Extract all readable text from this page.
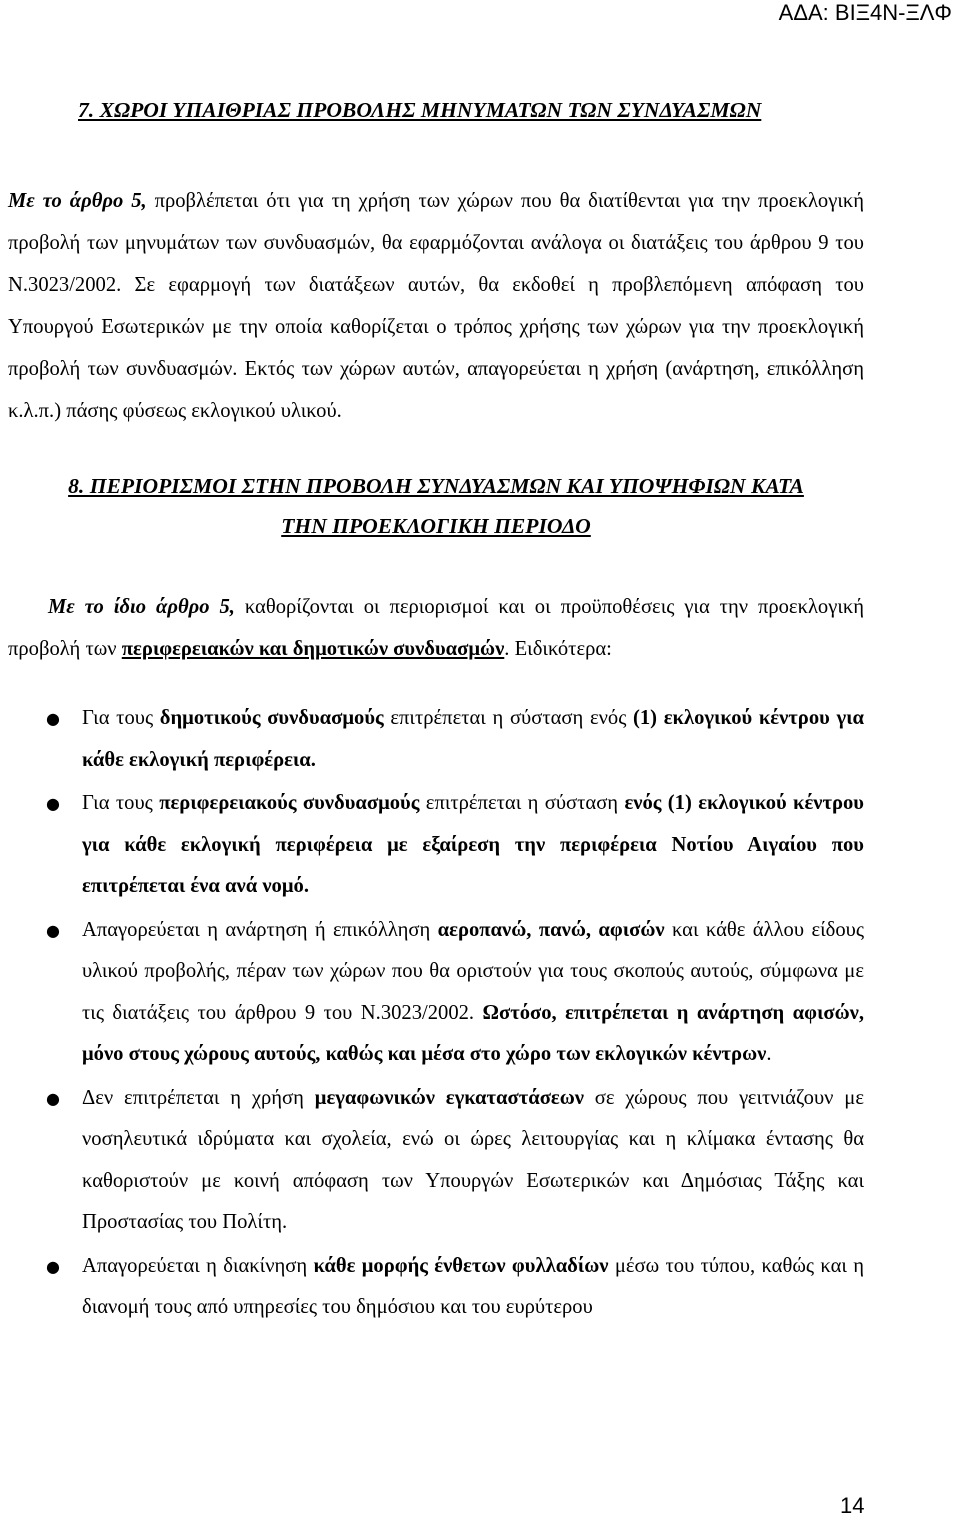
ΑΔΑ: ΒΙΞ4Ν-ΞΛΦ
7. ΧΩΡΟΙ ΥΠΑΙΘΡΙΑΣ ΠΡΟΒΟΛΗΣ ΜΗΝΥΜΑΤΩΝ ΤΩΝ ΣΥΝΔΥΑΣΜΩΝ

Με το άρθρο 5, προβλέπεται ότι για τη χρήση των χώρων που θα διατίθενται για την προεκλογική προβολή των μηνυμάτων των συνδυασμών, θα εφαρμόζονται ανάλογα οι διατάξεις του άρθρου 9 του Ν.3023/2002. Σε εφαρμογή των διατάξεων αυτών, θα εκδοθεί η προβλεπόμενη απόφαση του Υπουργού Εσωτερικών με την οποία καθορίζεται ο τρόπος χρήσης των χώρων για την προεκλογική προβολή των συνδυασμών. Εκτός των χώρων αυτών, απαγορεύεται η χρήση (ανάρτηση, επικόλληση κ.λ.π.) πάσης φύσεως εκλογικού υλικού.

8. ΠΕΡΙΟΡΙΣΜΟΙ ΣΤΗΝ ΠΡΟΒΟΛΗ ΣΥΝΔΥΑΣΜΩΝ ΚΑΙ ΥΠΟΨΗΦΙΩΝ ΚΑΤΑ
ΤΗΝ ΠΡΟΕΚΛΟΓΙΚΗ ΠΕΡΙΟΔΟ

Με το ίδιο άρθρο 5, καθορίζονται οι περιορισμοί και οι προϋποθέσεις για την προεκλογική προβολή των περιφερειακών και δημοτικών συνδυασμών. Ειδικότερα:

● Για τους δημοτικούς συνδυασμούς επιτρέπεται η σύσταση ενός (1) εκλογικού κέντρου για κάθε εκλογική περιφέρεια.
● Για τους περιφερειακούς συνδυασμούς επιτρέπεται η σύσταση ενός (1) εκλογικού κέντρου για κάθε εκλογική περιφέρεια με εξαίρεση την περιφέρεια Νοτίου Αιγαίου που επιτρέπεται ένα ανά νομό.
● Απαγορεύεται η ανάρτηση ή επικόλληση αεροπανώ, πανώ, αφισών και κάθε άλλου είδους υλικού προβολής, πέραν των χώρων που θα οριστούν για τους σκοπούς αυτούς, σύμφωνα με τις διατάξεις του άρθρου 9 του Ν.3023/2002. Ωστόσο, επιτρέπεται η ανάρτηση αφισών, μόνο στους χώρους αυτούς, καθώς και μέσα στο χώρο των εκλογικών κέντρων.
● Δεν επιτρέπεται η χρήση μεγαφωνικών εγκαταστάσεων σε χώρους που γειτνιάζουν με νοσηλευτικά ιδρύματα και σχολεία, ενώ οι ώρες λειτουργίας και η κλίμακα έντασης θα καθοριστούν με κοινή απόφαση των Υπουργών Εσωτερικών και Δημόσιας Τάξης και Προστασίας του Πολίτη.
● Απαγορεύεται η διακίνηση κάθε μορφής ένθετων φυλλαδίων μέσω του τύπου, καθώς και η διανομή τους από υπηρεσίες του δημόσιου και του ευρύτερου
14
